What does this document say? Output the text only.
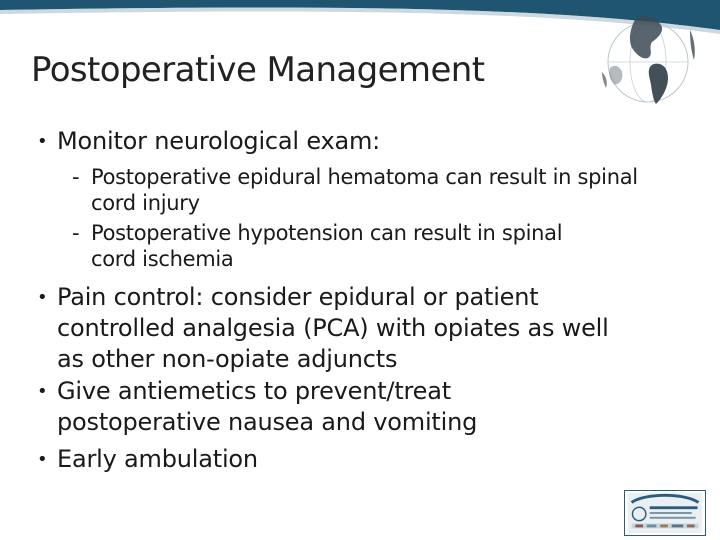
Postoperative Management
• Monitor neurological exam:
- Postoperative epidural hematoma can result in spinal cord injury
- Postoperative hypotension can result in spinal cord ischemia
• Pain control: consider epidural or patient controlled analgesia (PCA) with opiates as well as other non-opiate adjuncts
• Give antiemetics to prevent/treat postoperative nausea and vomiting
• Early ambulation
